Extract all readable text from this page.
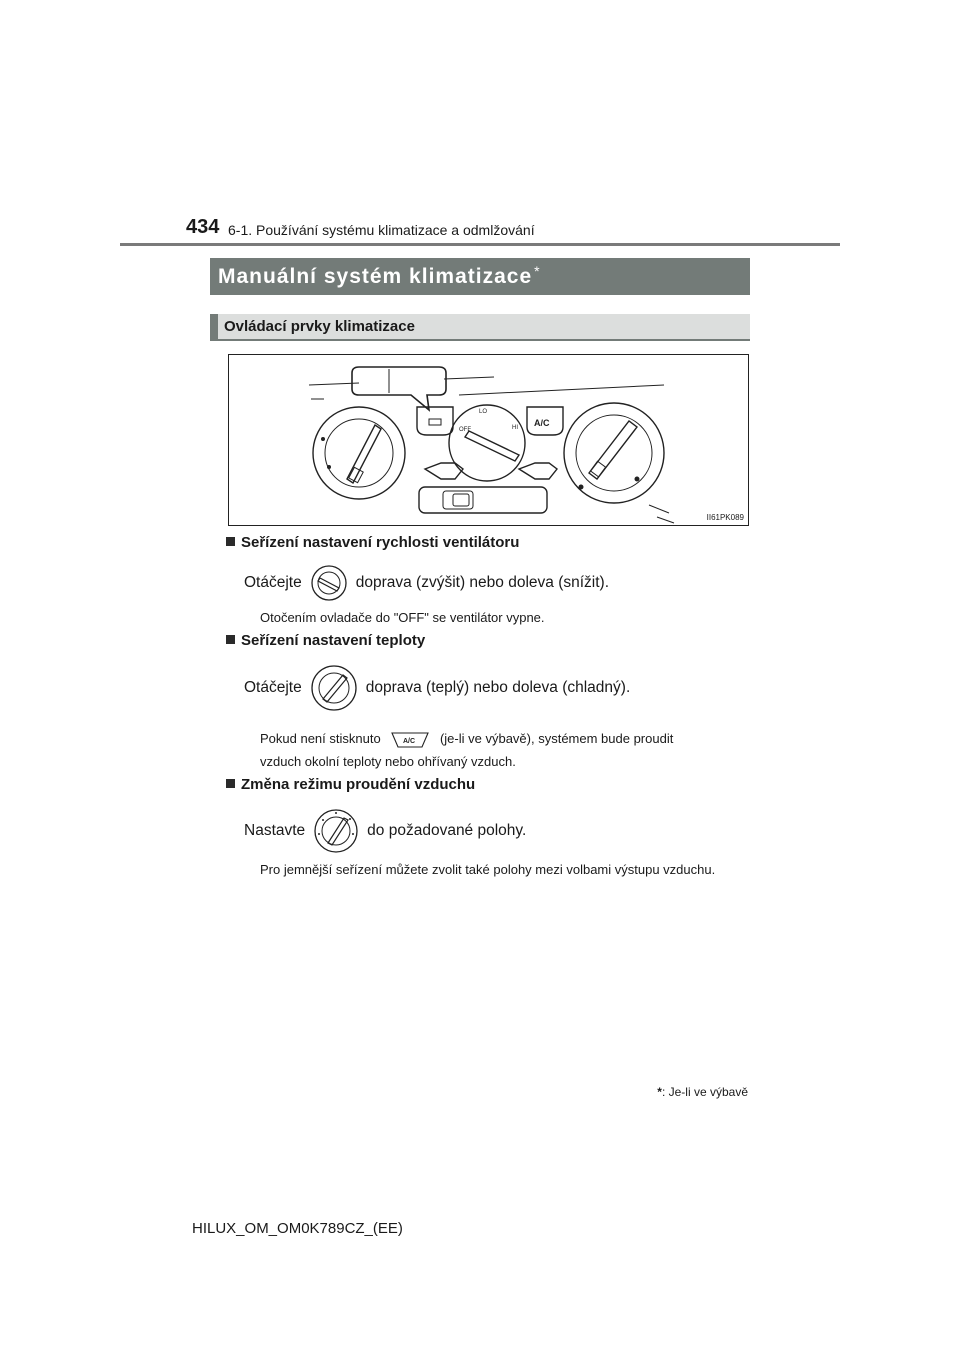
434 6-1. Používání systému klimatizace a odmlžování
Manuální systém klimatizace*
Ovládací prvky klimatizace
A/C
OFF
LO
HI
II61PK089
Seřízení nastavení rychlosti ventilátoru
Otáčejte	doprava (zvýšit) nebo doleva (snížit).
Otočením ovladače do "OFF" se ventilátor vypne.
Seřízení nastavení teploty
Otáčejte	doprava (teplý) nebo doleva (chladný).
Pokud není stisknuto	A/C (je-li ve výbavě), systémem bude proudit
vzduch okolní teploty nebo ohřívaný vzduch.
Změna režimu proudění vzduchu
Nastavte	do požadované polohy.
Pro jemnější seřízení můžete zvolit také polohy mezi volbami výstupu vzduchu.
*: Je-li ve výbavě
HILUX_OM_OM0K789CZ_(EE)
